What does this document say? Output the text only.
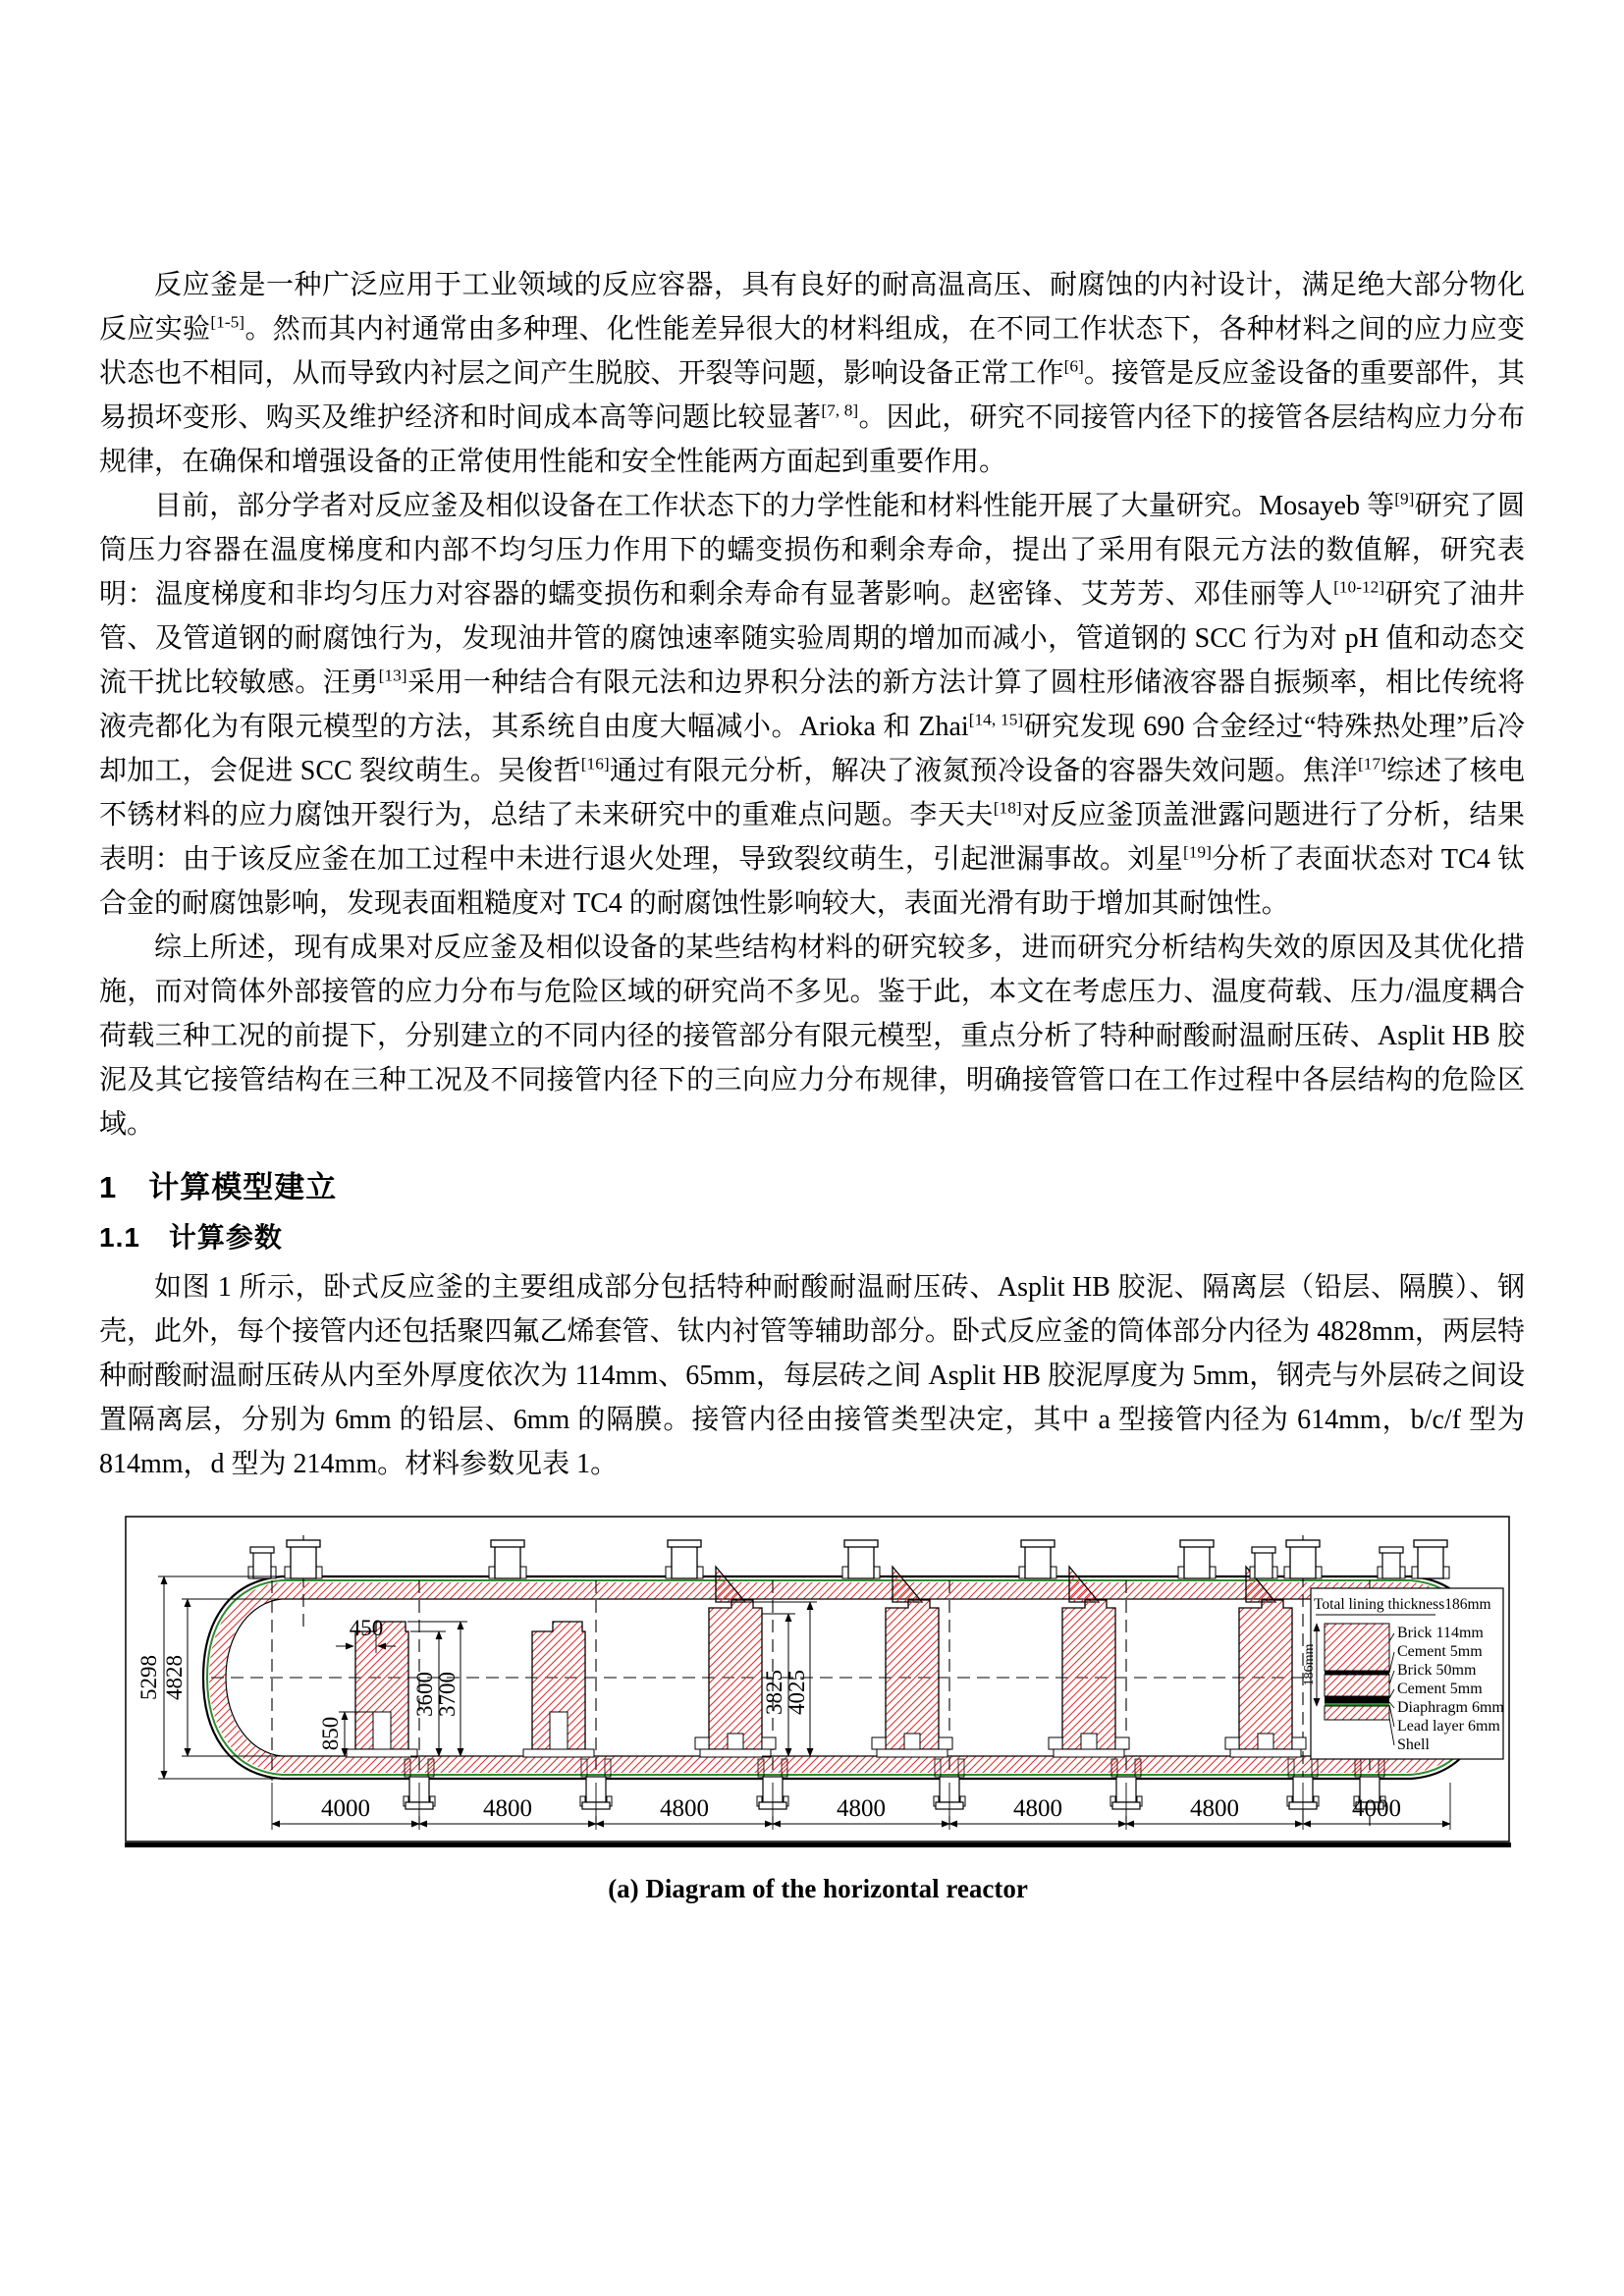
反应釜是一种广泛应用于工业领域的反应容器，具有良好的耐高温高压、耐腐蚀的内衬设计，满足绝大部分物化反应实验[1-5]。然而其内衬通常由多种理、化性能差异很大的材料组成，在不同工作状态下，各种材料之间的应力应变状态也不相同，从而导致内衬层之间产生脱胶、开裂等问题，影响设备正常工作[6]。接管是反应釜设备的重要部件，其易损坏变形、购买及维护经济和时间成本高等问题比较显著[7, 8]。因此，研究不同接管内径下的接管各层结构应力分布规律，在确保和增强设备的正常使用性能和安全性能两方面起到重要作用。

目前，部分学者对反应釜及相似设备在工作状态下的力学性能和材料性能开展了大量研究。Mosayeb 等[9]研究了圆筒压力容器在温度梯度和内部不均匀压力作用下的蠕变损伤和剩余寿命，提出了采用有限元方法的数值解，研究表明：温度梯度和非均匀压力对容器的蠕变损伤和剩余寿命有显著影响。赵密锋、艾芳芳、邓佳丽等人[10-12]研究了油井管、及管道钢的耐腐蚀行为，发现油井管的腐蚀速率随实验周期的增加而减小，管道钢的 SCC 行为对 pH 值和动态交流干扰比较敏感。汪勇[13]采用一种结合有限元法和边界积分法的新方法计算了圆柱形储液容器自振频率，相比传统将液壳都化为有限元模型的方法，其系统自由度大幅减小。Arioka 和 Zhai[14, 15]研究发现 690 合金经过“特殊热处理”后冷却加工，会促进 SCC 裂纹萌生。吴俊哲[16]通过有限元分析，解决了液氮预冷设备的容器失效问题。焦洋[17]综述了核电不锈材料的应力腐蚀开裂行为，总结了未来研究中的重难点问题。李天夫[18]对反应釜顶盖泄露问题进行了分析，结果表明：由于该反应釜在加工过程中未进行退火处理，导致裂纹萌生，引起泄漏事故。刘星[19]分析了表面状态对 TC4 钛合金的耐腐蚀影响，发现表面粗糙度对 TC4 的耐腐蚀性影响较大，表面光滑有助于增加其耐蚀性。

综上所述，现有成果对反应釜及相似设备的某些结构材料的研究较多，进而研究分析结构失效的原因及其优化措施，而对筒体外部接管的应力分布与危险区域的研究尚不多见。鉴于此，本文在考虑压力、温度荷载、压力/温度耦合荷载三种工况的前提下，分别建立的不同内径的接管部分有限元模型，重点分析了特种耐酸耐温耐压砖、Asplit HB 胶泥及其它接管结构在三种工况及不同接管内径下的三向应力分布规律，明确接管管口在工作过程中各层结构的危险区域。

1　计算模型建立
1.1　计算参数

如图 1 所示，卧式反应釜的主要组成部分包括特种耐酸耐温耐压砖、Asplit HB 胶泥、隔离层（铅层、隔膜）、钢壳，此外，每个接管内还包括聚四氟乙烯套管、钛内衬管等辅助部分。卧式反应釜的筒体部分内径为 4828mm，两层特种耐酸耐温耐压砖从内至外厚度依次为 114mm、65mm，每层砖之间 Asplit HB 胶泥厚度为 5mm，钢壳与外层砖之间设置隔离层，分别为 6mm 的铅层、6mm 的隔膜。接管内径由接管类型决定，其中 a 型接管内径为 614mm，b/c/f 型为 814mm，d 型为 214mm。材料参数见表 1。

5298 4828
450
3600
3700
850
3825
4025
4000	4800	4800	4800	4800	4800	4000
Total lining thickness186mm
186mm
Brick 114mm
Cement 5mm
Brick 50mm
Cement 5mm
Diaphragm 6mm
Lead layer 6mm
Shell
(a) Diagram of the horizontal reactor
